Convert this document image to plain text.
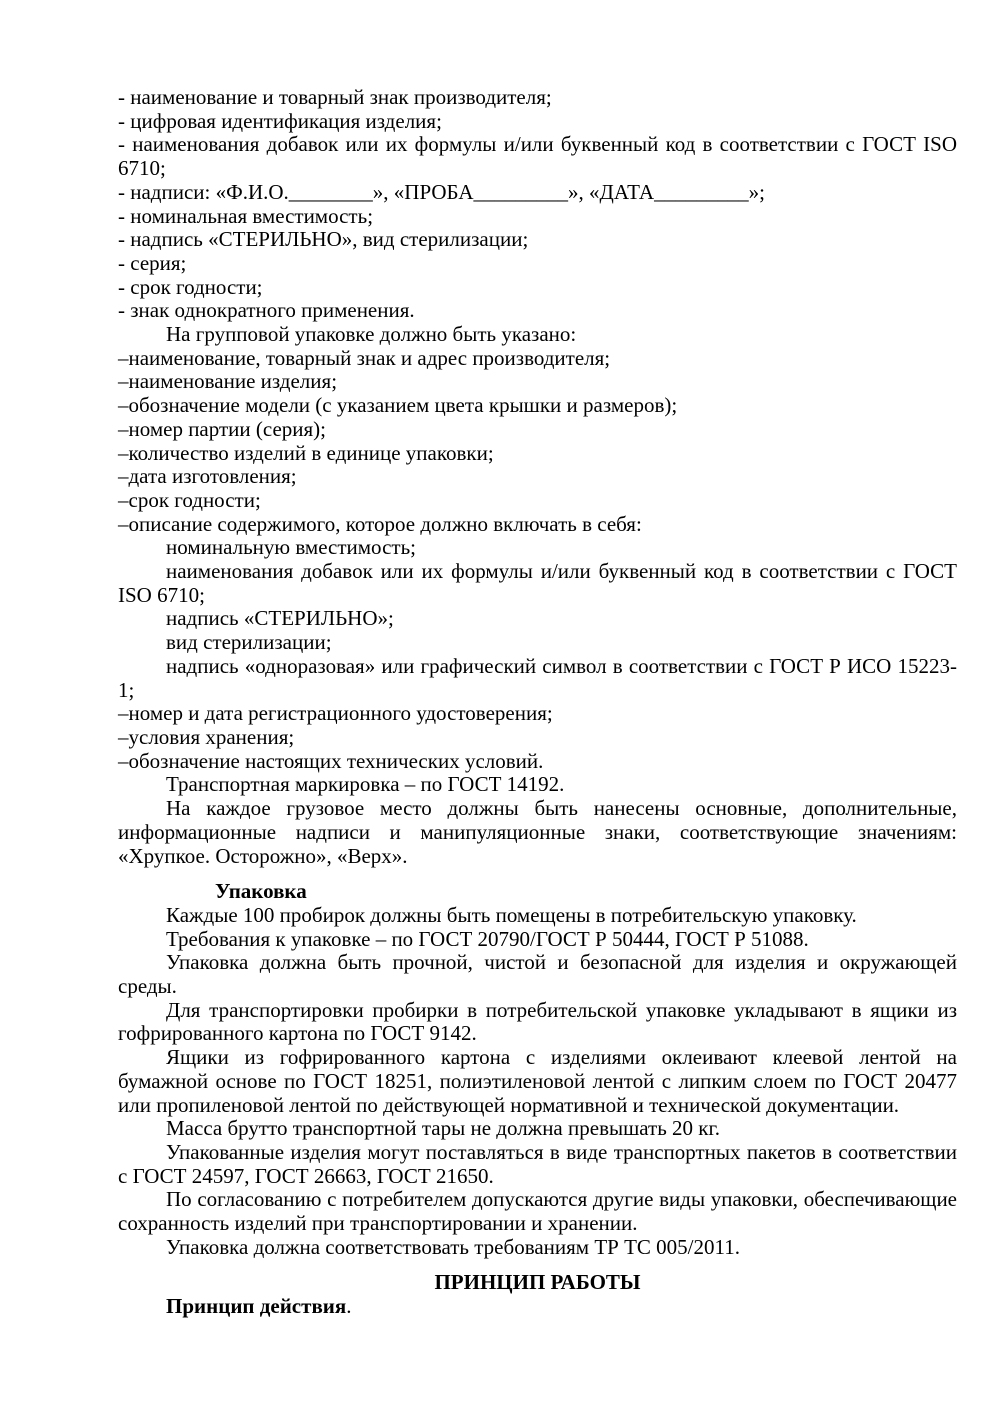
- наименование и товарный знак производителя;

- цифровая идентификация изделия;

- наименования добавок или их формулы и/или буквенный код в соответствии с ГОСТ ISO 6710;

- надписи: «Ф.И.О.________», «ПРОБА_________», «ДАТА_________»;

- номинальная вместимость;

- надпись «СТЕРИЛЬНО», вид стерилизации;

- серия;

- срок годности;

- знак однократного применения.

На групповой упаковке должно быть указано:

–наименование, товарный знак и адрес производителя;

–наименование изделия;

–обозначение модели (с указанием цвета крышки и размеров);

–номер партии (серия);

–количество изделий в единице упаковки;

–дата изготовления;

–срок годности;

–описание содержимого, которое должно включать в себя:

номинальную вместимость;

наименования добавок или их формулы и/или буквенный код в соответствии с ГОСТ ISO 6710;

надпись «СТЕРИЛЬНО»;

вид стерилизации;

надпись «одноразовая» или графический символ в соответствии с ГОСТ Р ИСО 15223-1;

–номер и дата регистрационного удостоверения;

–условия хранения;

–обозначение настоящих технических условий.

Транспортная маркировка – по ГОСТ 14192.

На каждое грузовое место должны быть нанесены основные, дополнительные, информационные надписи и манипуляционные знаки, соответствующие значениям: «Хрупкое. Осторожно», «Верх».

Упаковка

Каждые 100 пробирок должны быть помещены в потребительскую упаковку.

Требования к упаковке – по ГОСТ 20790/ГОСТ Р 50444, ГОСТ Р 51088.

Упаковка должна быть прочной, чистой и безопасной для изделия и окружающей среды.

Для транспортировки пробирки в потребительской упаковке укладывают в ящики из гофрированного картона по ГОСТ 9142.

Ящики из гофрированного картона с изделиями оклеивают клеевой лентой на бумажной основе по ГОСТ 18251, полиэтиленовой лентой с липким слоем по ГОСТ 20477 или пропиленовой лентой по действующей нормативной и технической документации.

Масса брутто транспортной тары не должна превышать 20 кг.

Упакованные изделия могут поставляться в виде транспортных пакетов в соответствии с ГОСТ 24597, ГОСТ 26663, ГОСТ 21650.

По согласованию с потребителем допускаются другие виды упаковки, обеспечивающие сохранность изделий при транспортировании и хранении.

Упаковка должна соответствовать требованиям ТР ТС 005/2011.

ПРИНЦИП РАБОТЫ

Принцип действия.
